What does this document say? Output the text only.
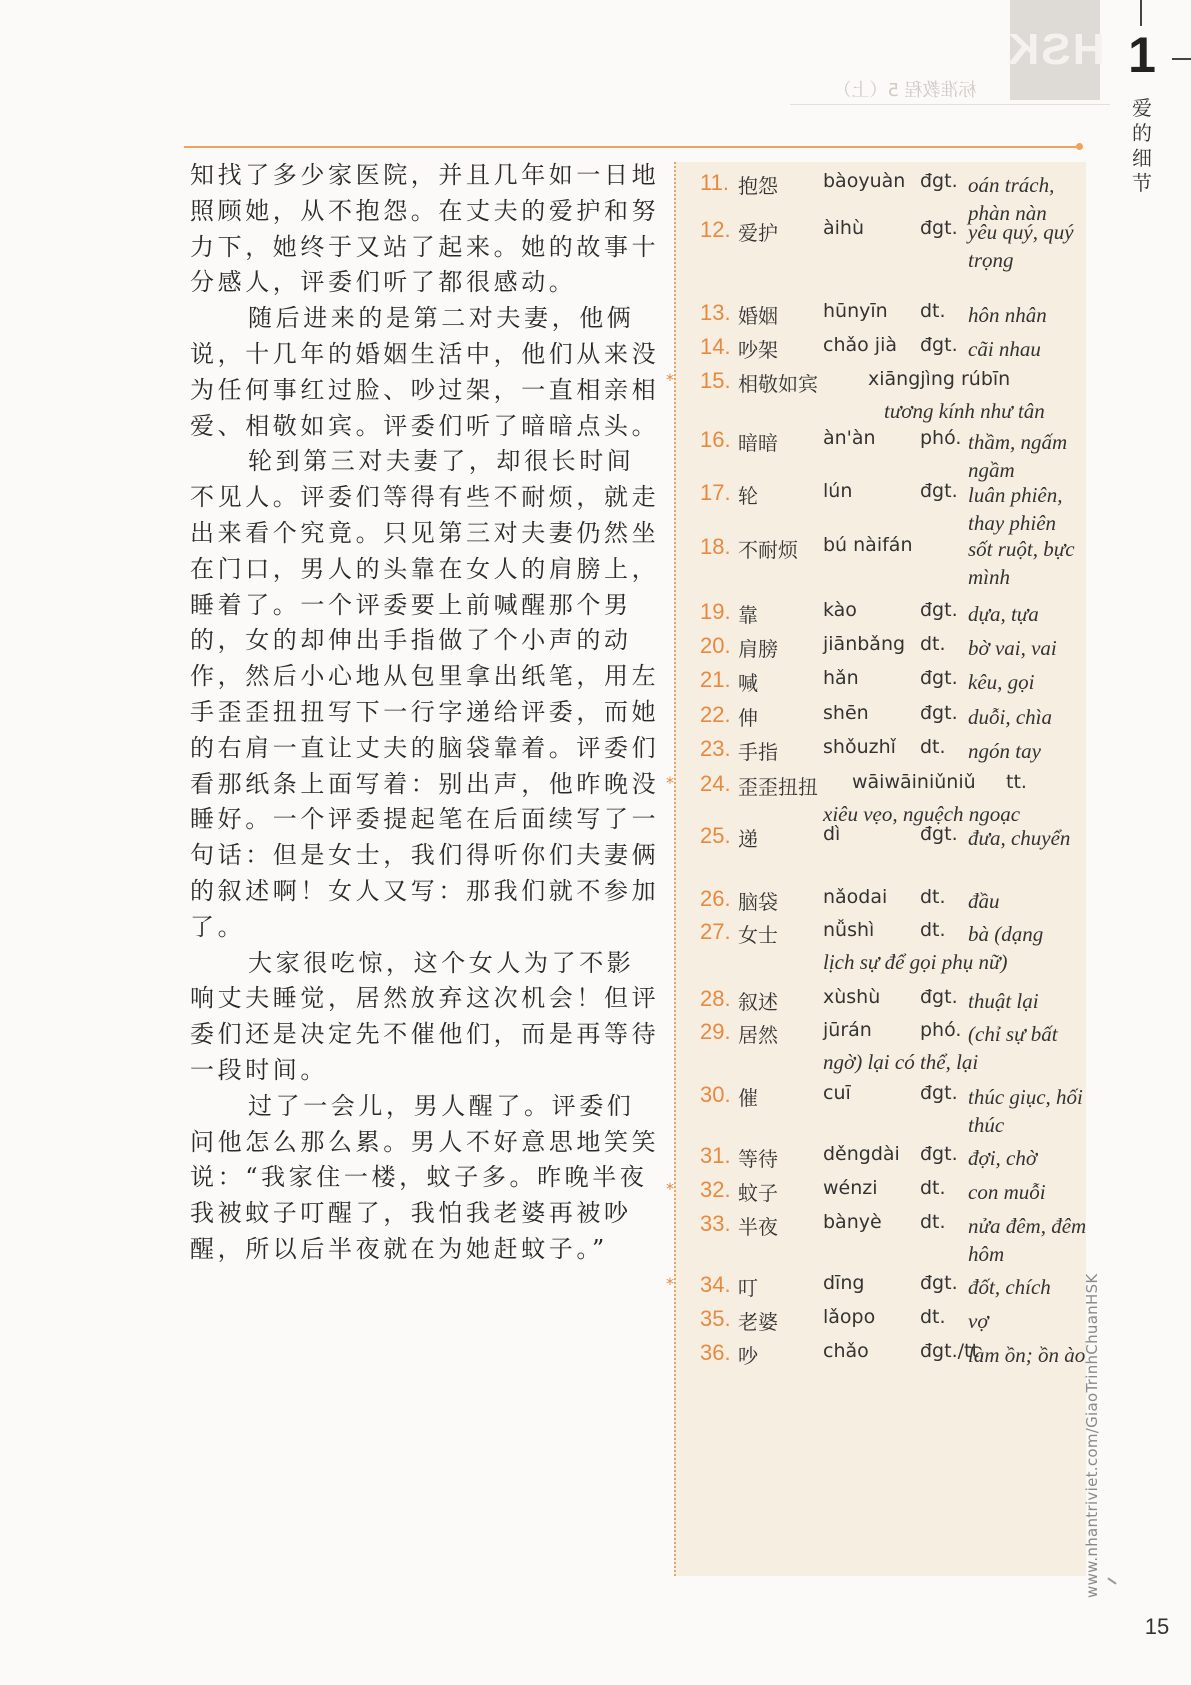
HSK
标准教程 5（上）
1
爱的细节

知找了多少家医院，并且几年如一日地照顾她，从不抱怨。在丈夫的爱护和努力下，她终于又站了起来。她的故事十分感人，评委们听了都很感动。

随后进来的是第二对夫妻，他俩说，十几年的婚姻生活中，他们从来没为任何事红过脸、吵过架，一直相亲相爱、相敬如宾。评委们听了暗暗点头。

轮到第三对夫妻了，却很长时间不见人。评委们等得有些不耐烦，就走出来看个究竟。只见第三对夫妻仍然坐在门口，男人的头靠在女人的肩膀上，睡着了。一个评委要上前喊醒那个男的，女的却伸出手指做了个小声的动作，然后小心地从包里拿出纸笔，用左手歪歪扭扭写下一行字递给评委，而她的右肩一直让丈夫的脑袋靠着。评委们看那纸条上面写着：别出声，他昨晚没睡好。一个评委提起笔在后面续写了一句话：但是女士，我们得听你们夫妻俩的叙述啊！女人又写：那我们就不参加了。

大家很吃惊，这个女人为了不影响丈夫睡觉，居然放弃这次机会！但评委们还是决定先不催他们，而是再等待一段时间。

过了一会儿，男人醒了。评委们问他怎么那么累。男人不好意思地笑笑说：“我家住一楼，蚊子多。昨晚半夜我被蚊子叮醒了，我怕我老婆再被吵醒，所以后半夜就在为她赶蚊子。”

11. 抱怨 bàoyuàn đgt. oán trách, phàn nàn
12. 爱护 àihù	đgt. yêu quý, quý trọng
13. 婚姻 hūnyīn dt. hôn nhân
14. 吵架 chǎo jià đgt. cãi nhau
* 15. 相敬如宾	xiāngjìng rúbīn
tương kính như tân
16. 暗暗 àn'àn phó. thầm, ngấm ngầm
17. 轮	lún	đgt. luân phiên, thay phiên
18. 不耐烦 bú nàifán	sốt ruột, bực mình
19. 靠	kào	đgt. dựa, tựa
20. 肩膀 jiānbǎng dt. bờ vai, vai
21. 喊	hǎn	đgt. kêu, gọi
22. 伸	shēn	đgt. duỗi, chìa
23. 手指 shǒuzhǐ dt. ngón tay
* 24. 歪歪扭扭 wāiwāiniǔniǔ tt.
xiêu vẹo, nguệch ngoạc
25. 递	dì	đgt. đưa, chuyển
26. 脑袋 nǎodai dt. đầu
27. 女士 nǚshì dt. bà (dạng
lịch sự để gọi phụ nữ)
28. 叙述 xùshù đgt. thuật lại
29. 居然 jūrán	phó. (chỉ sự bất
ngờ) lại có thể, lại
30. 催	cuī	đgt. thúc giục, hối thúc
31. 等待 děngdài đgt. đợi, chờ
* 32. 蚊子 wénzi dt. con muỗi
33. 半夜 bànyè dt. nửa đêm, đêm hôm
* 34. 叮	dīng	đgt. đốt, chích
35. 老婆 lǎopo dt. vợ
36. 吵	chǎo	đgt./tt.
làm ồn; ồn ào
www.nhantriviet.com/GiaoTrinhChuanHSK
15
